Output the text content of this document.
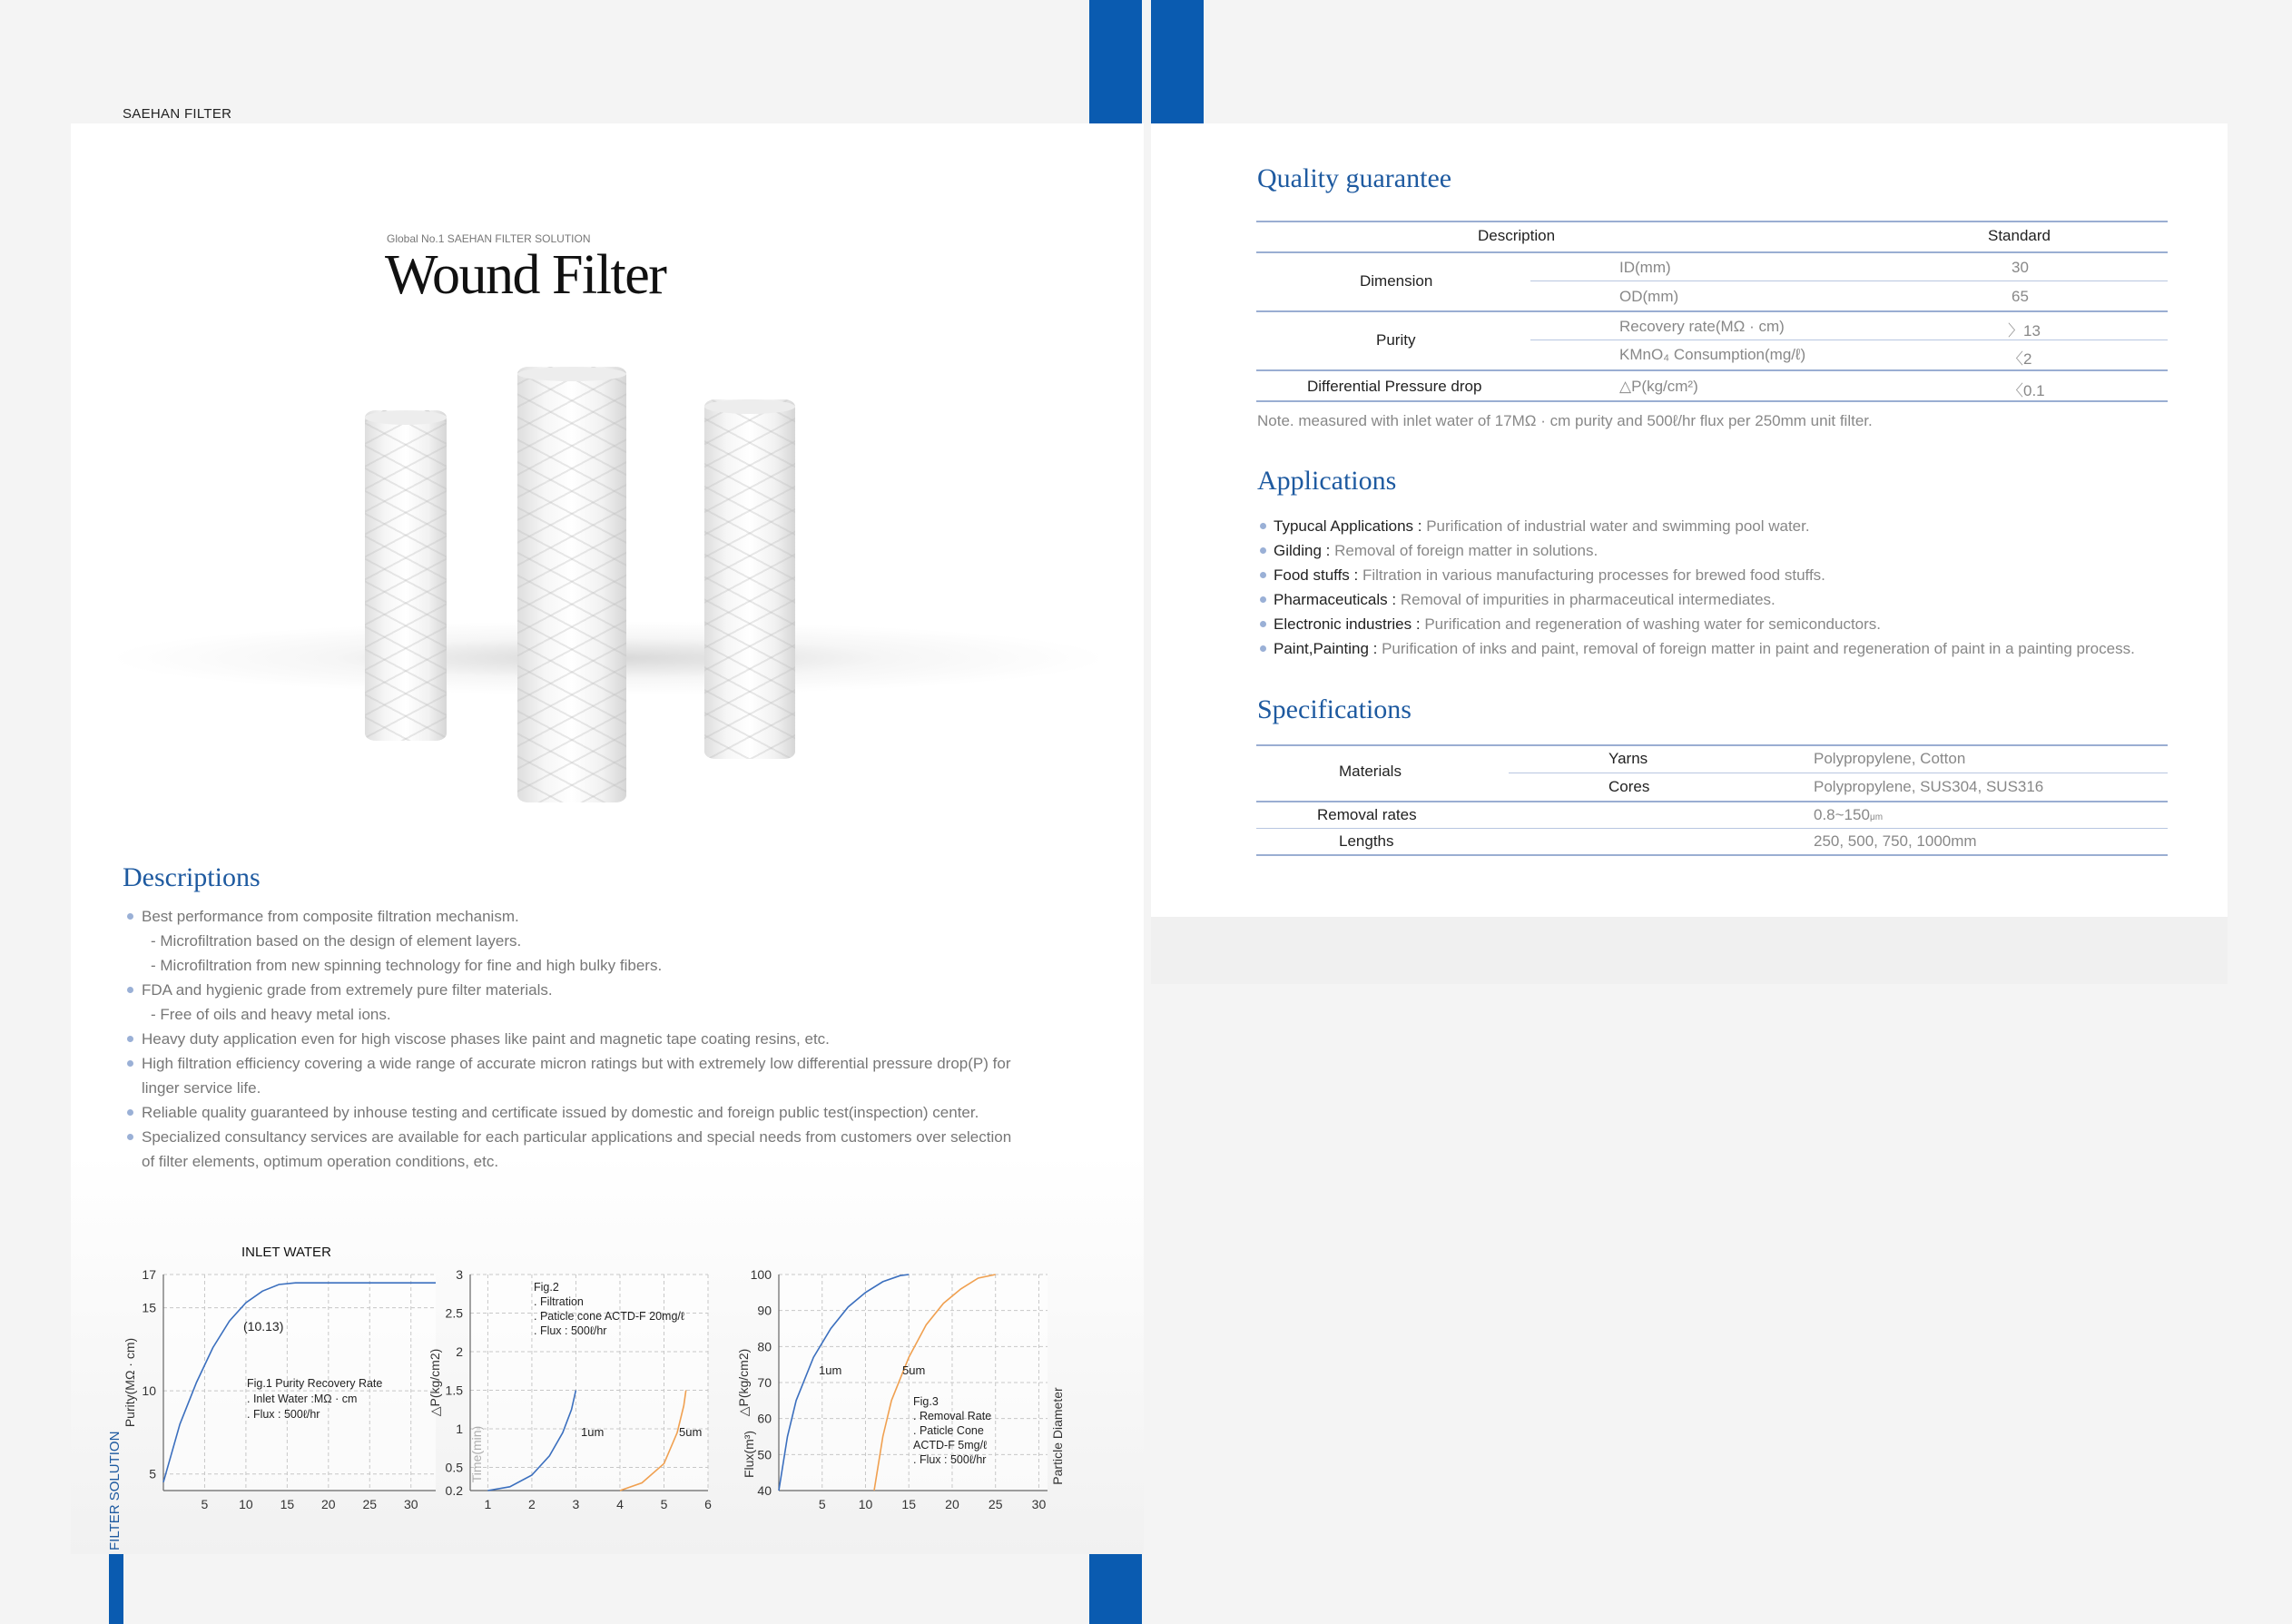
SAEHAN FILTER
Global No.1 SAEHAN FILTER SOLUTION
Wound Filter
Descriptions
Best performance from composite filtration mechanism.
- Microfiltration based on the design of element layers.
- Microfiltration from new spinning technology for fine and high bulky fibers.
FDA and hygienic grade from extremely pure filter materials.
- Free of oils and heavy metal ions.
Heavy duty application even for high viscose phases like paint and magnetic tape coating resins, etc.
High filtration efficiency covering a wide range of accurate micron ratings but with extremely low differential pressure drop(P) for
linger service life.
Reliable quality guaranteed by inhouse testing and certificate issued by domestic and foreign public test(inspection) center.
Specialized consultancy services are available for each particular applications and special needs from customers over selection
of filter elements, optimum operation conditions, etc.
5 10 15 20 25 30
5
10
15
17
Purity(MΩ · cm)
1	2	3	4	5	6
0.2
0.5
1
1.5
2
2.5
3
△P(kg/cm2)
Flux(m³)
5	10 15 20 25 30
40
50
60
70
80
90
100
△P(kg/cm2)
Particle Diameter
INLET WATER
(10.13)
Fig.1 Purity Recovery Rate
. Inlet Water :MΩ · cm
. Flux : 500ℓ/hr
Fig.2
. Filtration
. Paticle cone ACTD-F 20mg/ℓ
. Flux : 500ℓ/hr
1um	5um
Fig.3
. Removal Rate
. Paticle Cone
ACTD-F 5mg/ℓ
. Flux : 500ℓ/hr
1um	5um
FILTER SOLUTION
Quality guarantee
Description	Standard
Dimension
ID(mm)	30
OD(mm)	65
Purity
Recovery rate(MΩ · cm)	〉13
KMnO₄ Consumption(mg/ℓ)	〈2
Differential Pressure drop	△P(kg/cm²)	〈0.1
Note. measured with inlet water of 17MΩ · cm purity and 500ℓ/hr flux per 250mm unit filter.
Applications
Typucal Applications : Purification of industrial water and swimming pool water.
Gilding : Removal of foreign matter in solutions.
Food stuffs : Filtration in various manufacturing processes for brewed food stuffs.
Pharmaceuticals : Removal of impurities in pharmaceutical intermediates.
Electronic industries : Purification and regeneration of washing water for semiconductors.
Paint,Painting : Purification of inks and paint, removal of foreign matter in paint and regeneration of paint in a painting process.
Specifications
Materials
Yarns	Polypropylene, Cotton
Cores	Polypropylene, SUS304, SUS316
Removal rates	0.8~150μm
Lengths	250, 500, 750, 1000mm
